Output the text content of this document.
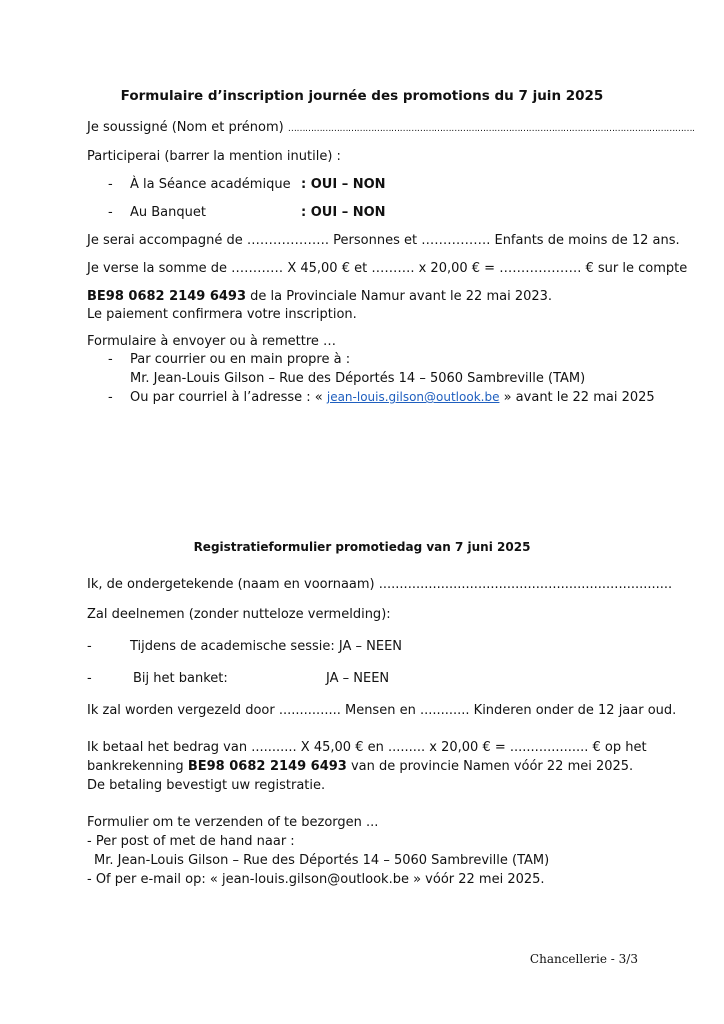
Formulaire d’inscription journée des promotions du 7 juin 2025
Je soussigné (Nom et prénom) …………………………………………………………………………………………………………………………….
Participerai (barrer la mention inutile) :
- À la Séance académique : OUI – NON
- Au Banquet	: OUI – NON
Je serai accompagné de ………………. Personnes et ……………. Enfants de moins de 12 ans.
Je verse la somme de ………… X 45,00 € et ………. x 20,00 € = ………………. € sur le compte
BE98 0682 2149 6493 de la Provinciale Namur avant le 22 mai 2023.
Le paiement confirmera votre inscription.
Formulaire à envoyer ou à remettre …
- Par courrier ou en main propre à :
Mr. Jean-Louis Gilson – Rue des Déportés 14 – 5060 Sambreville (TAM)
- Ou par courriel à l’adresse : « jean-louis.gilson@outlook.be » avant le 22 mai 2025
Registratieformulier promotiedag van 7 juni 2025
Ik, de ondergetekende (naam en voornaam) .......................................................................
Zal deelnemen (zonder nutteloze vermelding):
-	Tijdens de academische sessie: JA – NEEN
-	Bij het banket:	JA – NEEN
Ik zal worden vergezeld door ............... Mensen en ............ Kinderen onder de 12 jaar oud.
Ik betaal het bedrag van ........... X 45,00 € en ......... x 20,00 € = ................... € op het
bankrekenning BE98 0682 2149 6493 van de provincie Namen vóór 22 mei 2025.
De betaling bevestigt uw registratie.
Formulier om te verzenden of te bezorgen ...
- Per post of met de hand naar :
Mr. Jean-Louis Gilson – Rue des Déportés 14 – 5060 Sambreville (TAM)
- Of per e-mail op: « jean-louis.gilson@outlook.be » vóór 22 mei 2025.
Chancellerie - 3/3
